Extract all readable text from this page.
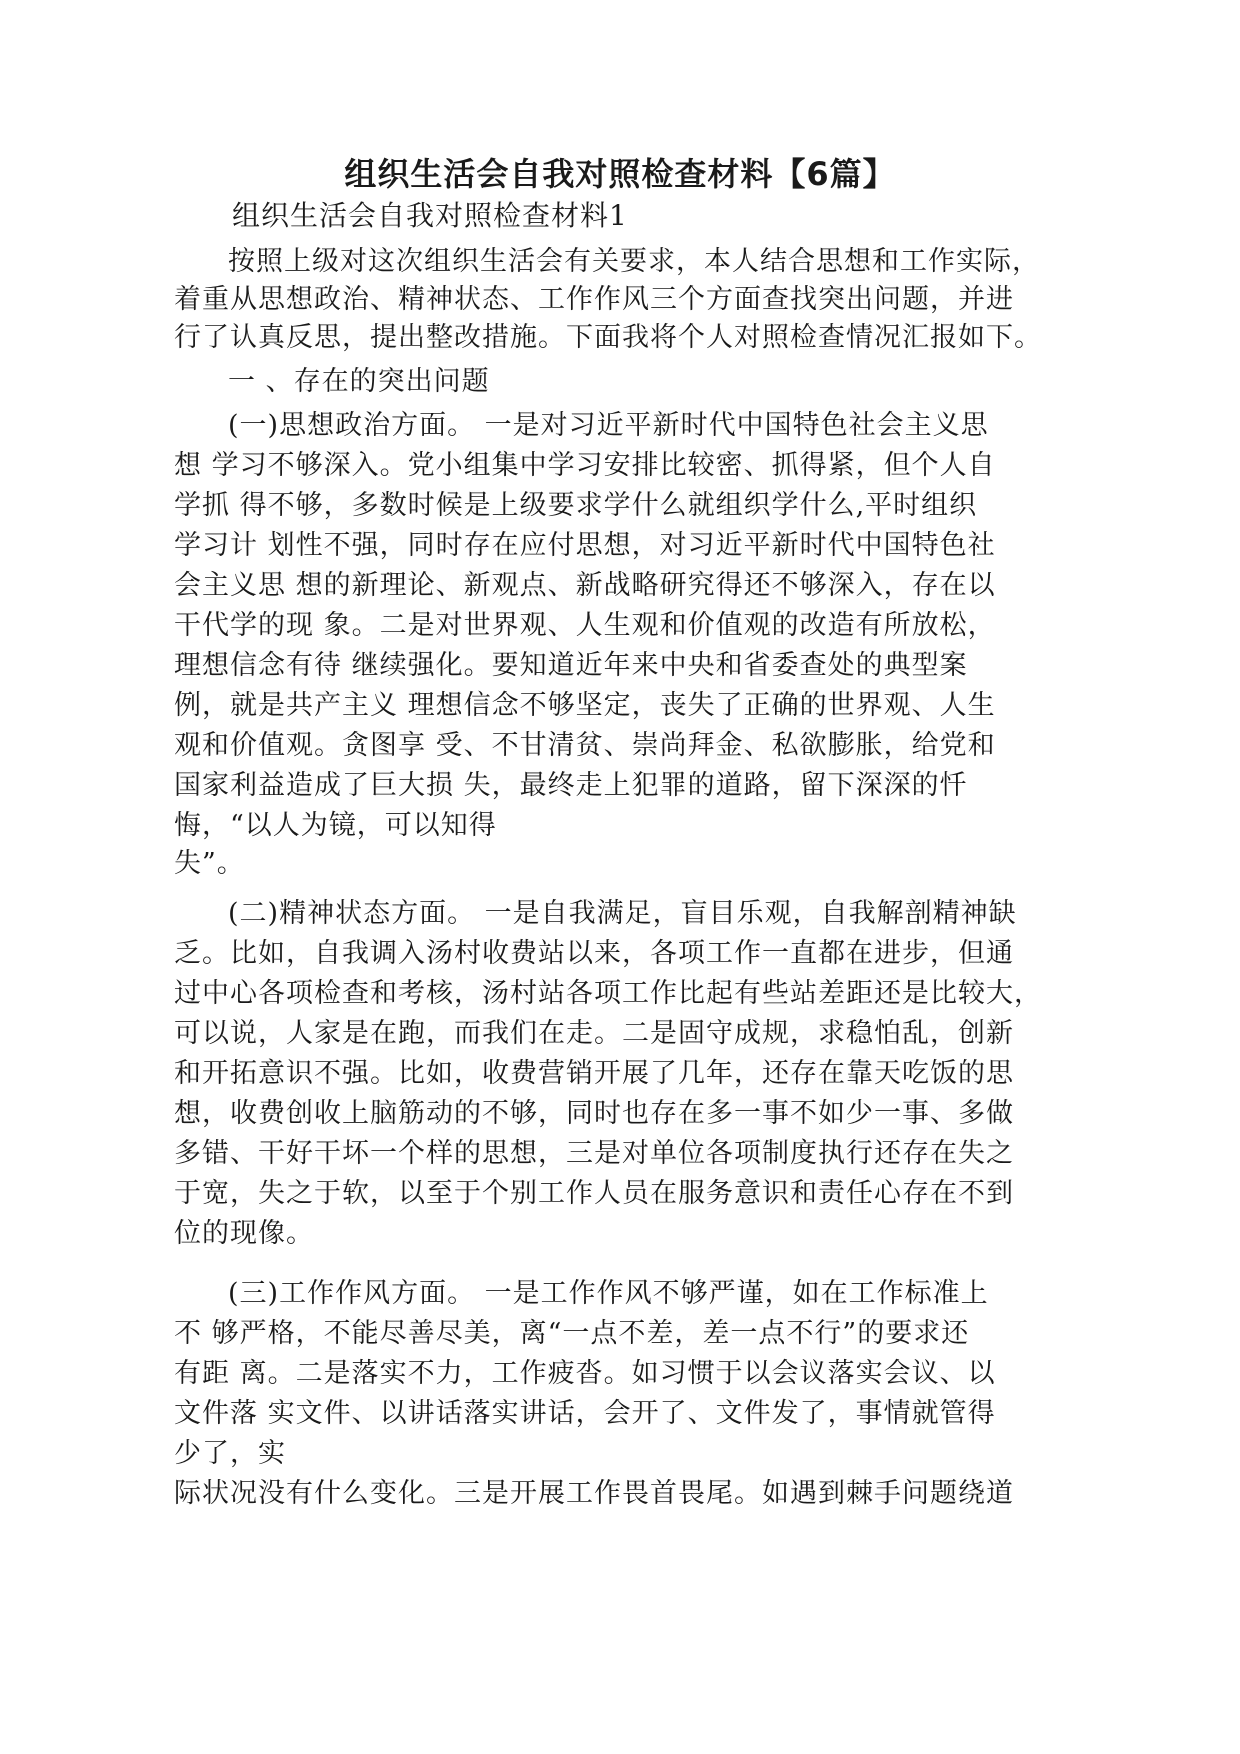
组织生活会自我对照检查材料【6篇】
组织生活会自我对照检查材料1
按照上级对这次组织生活会有关要求，本人结合思想和工作实际，
着重从思想政治、精神状态、工作作风三个方面查找突出问题，并进
行了认真反思，提出整改措施。下面我将个人对照检查情况汇报如下。
一 、存在的突出问题
(一)思想政治方面。 一是对习近平新时代中国特色社会主义思
想 学习不够深入。党小组集中学习安排比较密、抓得紧，但个人自
学抓 得不够，多数时候是上级要求学什么就组织学什么,平时组织
学习计 划性不强，同时存在应付思想，对习近平新时代中国特色社
会主义思 想的新理论、新观点、新战略研究得还不够深入，存在以
干代学的现 象。二是对世界观、人生观和价值观的改造有所放松，
理想信念有待 继续强化。要知道近年来中央和省委查处的典型案
例，就是共产主义 理想信念不够坚定，丧失了正确的世界观、人生
观和价值观。贪图享 受、不甘清贫、崇尚拜金、私欲膨胀，给党和
国家利益造成了巨大损 失，最终走上犯罪的道路，留下深深的忏
悔，“以人为镜，可以知得
失”。
(二)精神状态方面。 一是自我满足，盲目乐观，自我解剖精神缺
乏。比如，自我调入汤村收费站以来，各项工作一直都在进步，但通
过中心各项检查和考核，汤村站各项工作比起有些站差距还是比较大，
可以说，人家是在跑，而我们在走。二是固守成规，求稳怕乱，创新
和开拓意识不强。比如，收费营销开展了几年，还存在靠天吃饭的思
想，收费创收上脑筋动的不够，同时也存在多一事不如少一事、多做
多错、干好干坏一个样的思想，三是对单位各项制度执行还存在失之
于宽，失之于软，以至于个别工作人员在服务意识和责任心存在不到
位的现像。
(三)工作作风方面。 一是工作作风不够严谨，如在工作标准上
不 够严格，不能尽善尽美，离“一点不差，差一点不行”的要求还
有距 离。二是落实不力，工作疲沓。如习惯于以会议落实会议、以
文件落 实文件、以讲话落实讲话，会开了、文件发了，事情就管得
少了，实
际状况没有什么变化。三是开展工作畏首畏尾。如遇到棘手问题绕道
